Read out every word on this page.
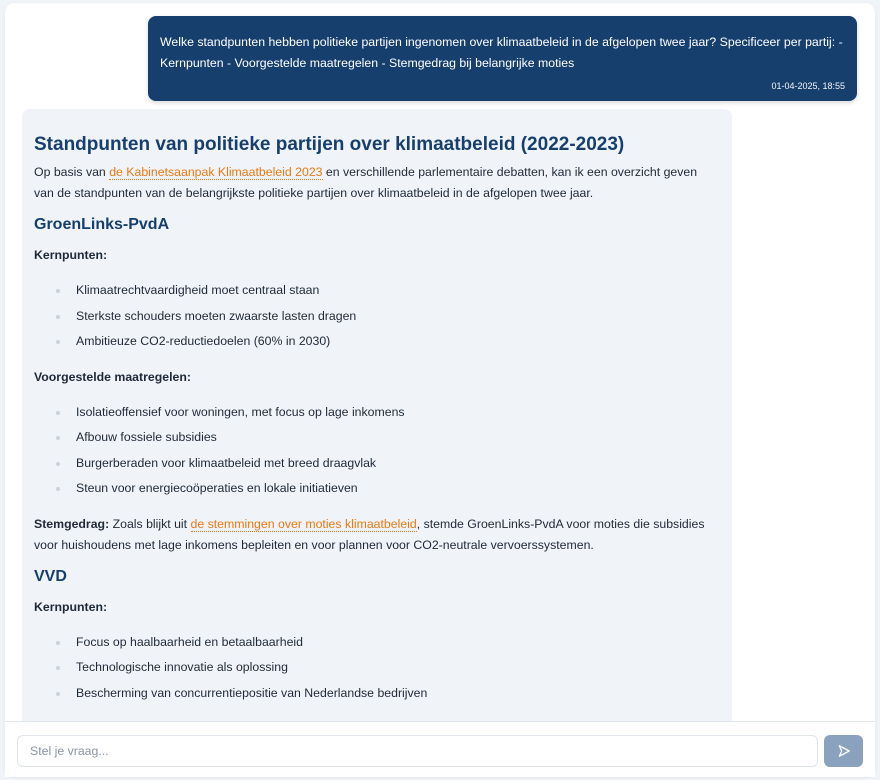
Welke standpunten hebben politieke partijen ingenomen over klimaatbeleid in de afgelopen twee jaar? Specificeer per partij: - Kernpunten - Voorgestelde maatregelen - Stemgedrag bij belangrijke moties
01-04-2025, 18:55
Standpunten van politieke partijen over klimaatbeleid (2022-2023)

Op basis van de Kabinetsaanpak Klimaatbeleid 2023 en verschillende parlementaire debatten, kan ik een overzicht geven van de standpunten van de belangrijkste politieke partijen over klimaatbeleid in de afgelopen twee jaar.

GroenLinks-PvdA

Kernpunten:

Klimaatrechtvaardigheid moet centraal staan
Sterkste schouders moeten zwaarste lasten dragen
Ambitieuze CO2-reductiedoelen (60% in 2030)

Voorgestelde maatregelen:

Isolatieoffensief voor woningen, met focus op lage inkomens
Afbouw fossiele subsidies
Burgerberaden voor klimaatbeleid met breed draagvlak
Steun voor energiecoöperaties en lokale initiatieven

Stemgedrag: Zoals blijkt uit de stemmingen over moties klimaatbeleid, stemde GroenLinks-PvdA voor moties die subsidies voor huishoudens met lage inkomens bepleiten en voor plannen voor CO2-neutrale vervoerssystemen.

VVD

Kernpunten:

Focus op haalbaarheid en betaalbaarheid
Technologische innovatie als oplossing
Bescherming van concurrentiepositie van Nederlandse bedrijven

Stel je vraag...
